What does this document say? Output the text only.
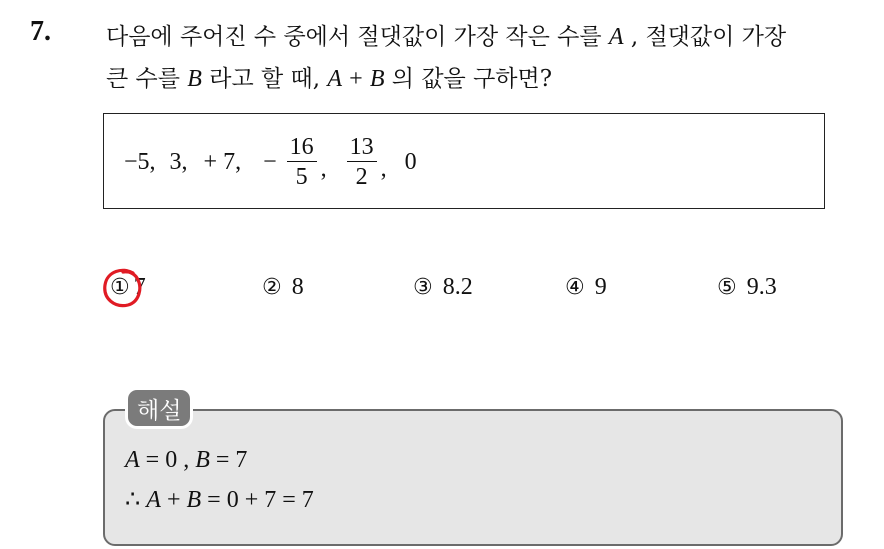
7. 다음에 주어진 수 중에서 절댓값이 가장 작은 수를 A , 절댓값이 가장
큰 수를 B 라고 할 때, A + B 의 값을 구하면?
−5, 3, + 7, − $\frac{16}{5}$ , $\frac{13}{2}$ , 0
① 7	② 8	③ 8.2	④ 9	⑤ 9.3
해설
A = 0 , B = 7
∴ A + B = 0 + 7 = 7
